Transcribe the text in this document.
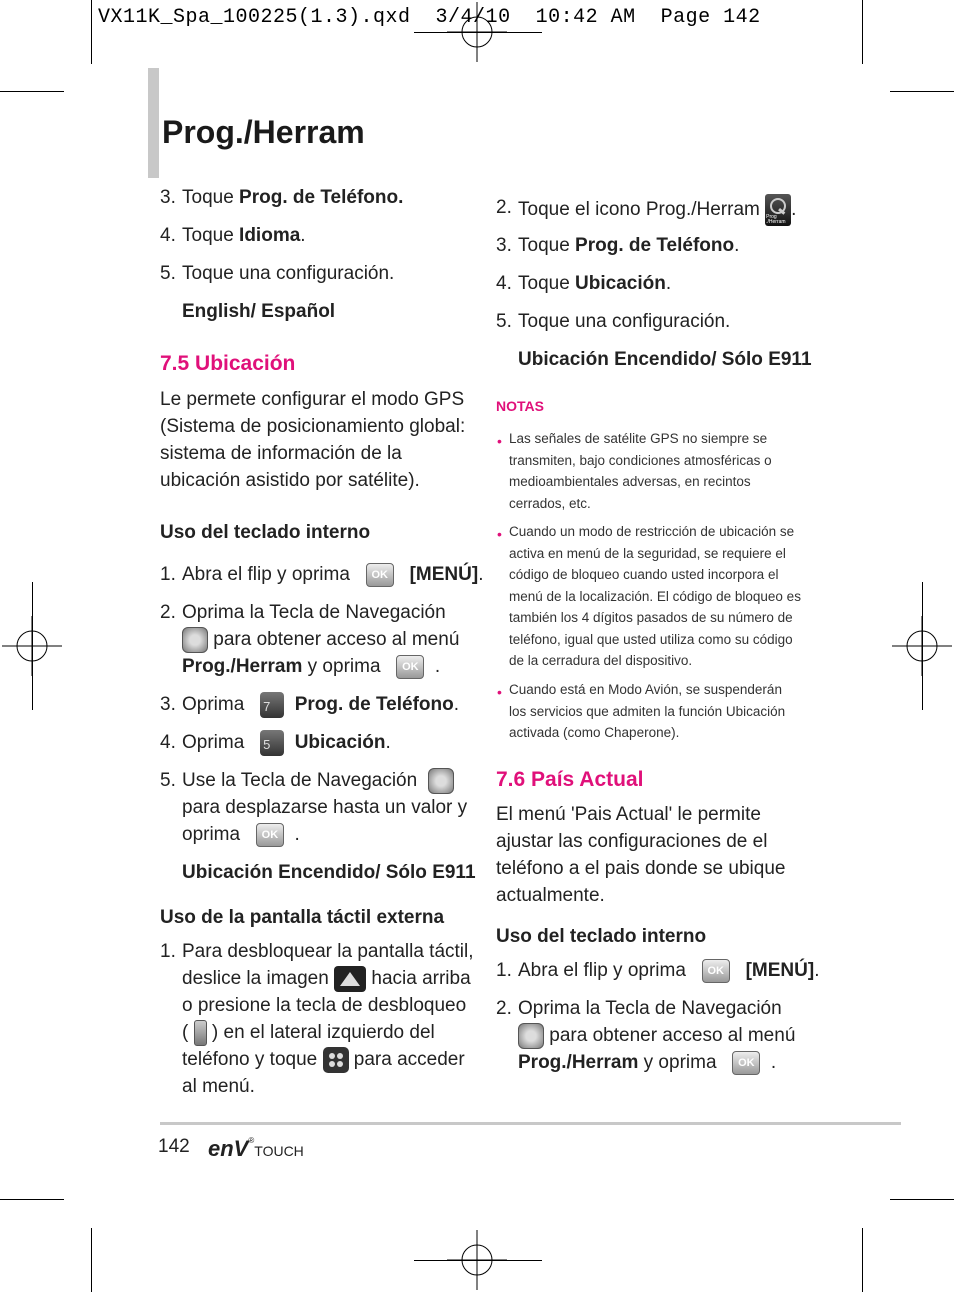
VX11K_Spa_100225(1.3).qxd  3/4/10  10:42 AM  Page 142
Prog./Herram
3. Toque Prog. de Teléfono.
4. Toque Idioma.
5. Toque una configuración.
English/ Español
7.5 Ubicación
Le permete configurar el modo GPS
(Sistema de posicionamiento global:
sistema de información de la
ubicación asistido por satélite).
Uso del teclado interno
1. Abra el flip y oprima OK [MENÚ].
2. Oprima la Tecla de Navegación
para obtener acceso al menú
Prog./Herram y oprima OK .
3. Oprima 7 Prog. de Teléfono.
4. Oprima 5 Ubicación.
5. Use la Tecla de Navegación
para desplazarse hasta un valor y
oprima OK .
Ubicación Encendido/ Sólo E911
Uso de la pantalla táctil externa
1. Para desbloquear la pantalla táctil,
deslice la imagen hacia arriba
o presione la tecla de desbloqueo
( ) en el lateral izquierdo del
teléfono y toque para acceder
al menú.
2. Toque el icono Prog./Herram Prog ./Herram
.
3. Toque Prog. de Teléfono.
4. Toque Ubicación.
5. Toque una configuración.
Ubicación Encendido/ Sólo E911
NOTAS
• Las señales de satélite GPS no siempre se
transmiten, bajo condiciones atmosféricas o
medioambientales adversas, en recintos
cerrados, etc.
• Cuando un modo de restricción de ubicación se
activa en menú de la seguridad, se requiere el
código de bloqueo cuando usted incorpora el
menú de la localización. El código de bloqueo es
también los 4 dígitos pasados de su número de
teléfono, igual que usted utiliza como su código
de la cerradura del dispositivo.
• Cuando está en Modo Avión, se suspenderán
los servicios que admiten la función Ubicación
activada (como Chaperone).
7.6 País Actual
El menú 'Pais Actual' le permite
ajustar las configuraciones de el
teléfono a el pais donde se ubique
actualmente.
Uso del teclado interno
1. Abra el flip y oprima OK [MENÚ].
2. Oprima la Tecla de Navegación
para obtener acceso al menú
Prog./Herram y oprima OK .
142 enV®TOUCH
